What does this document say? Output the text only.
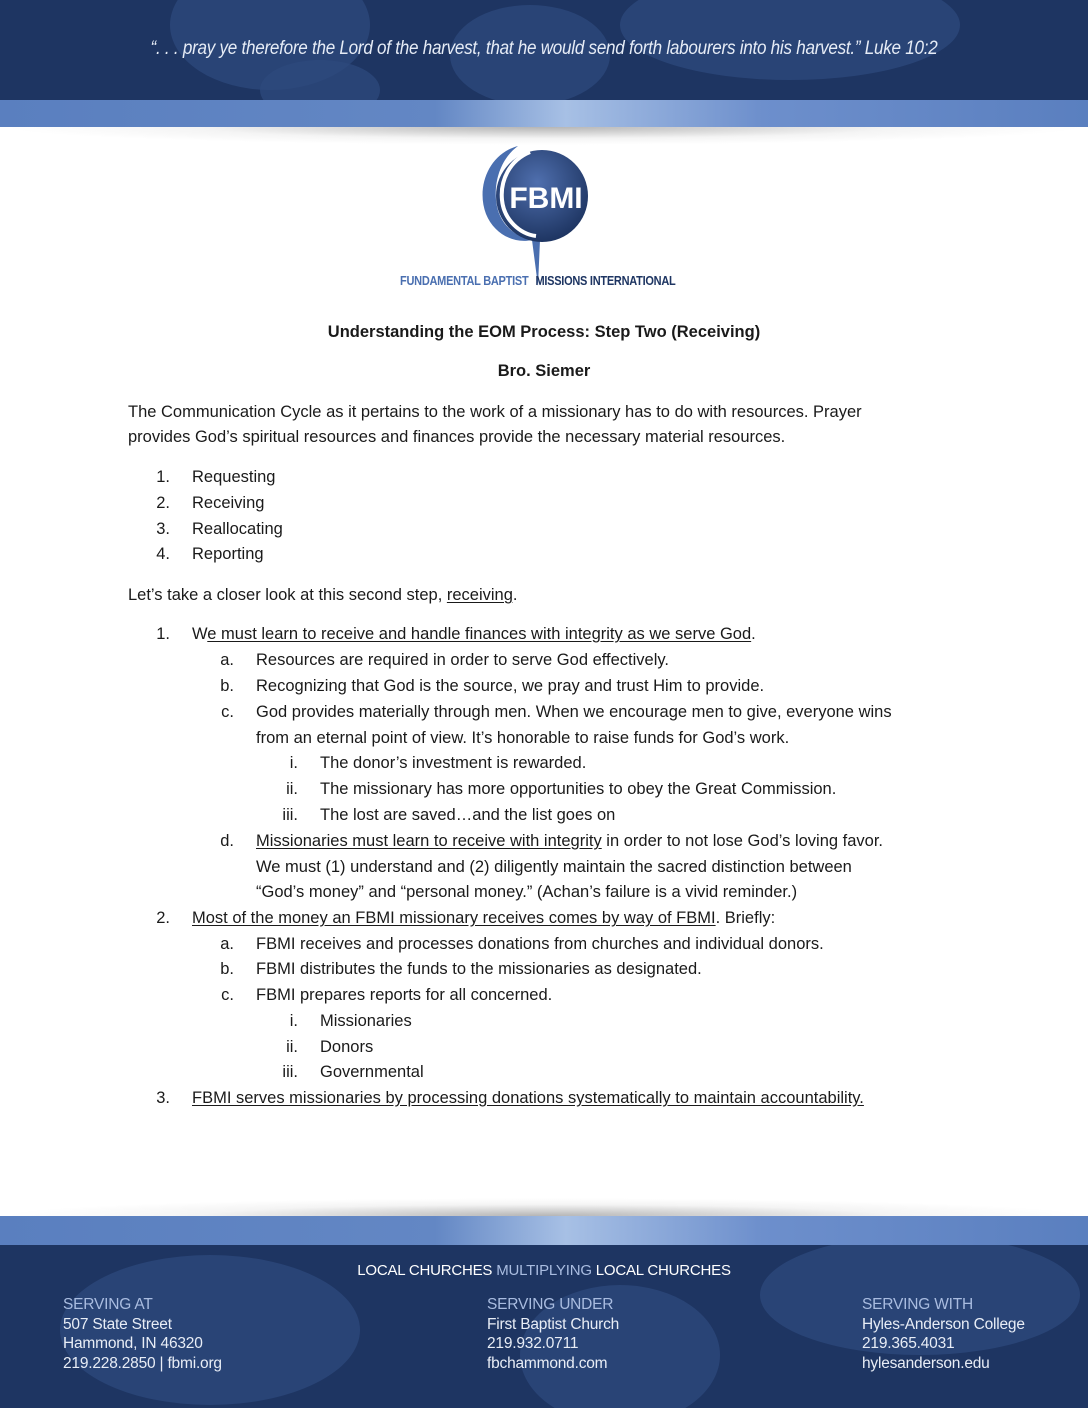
“. . . pray ye therefore the Lord of the harvest, that he would send forth labourers into his harvest.” Luke 10:2
FBMI
FUNDAMENTAL BAPTIST MISSIONS INTERNATIONAL
Understanding the EOM Process: Step Two (Receiving)
Bro. Siemer
The Communication Cycle as it pertains to the work of a missionary has to do with resources. Prayer
provides God’s spiritual resources and finances provide the necessary material resources.
1. Requesting
2. Receiving
3. Reallocating
4. Reporting
Let’s take a closer look at this second step, receiving.
1. We must learn to receive and handle finances with integrity as we serve God.
a. Resources are required in order to serve God effectively.
b. Recognizing that God is the source, we pray and trust Him to provide.
c. God provides materially through men. When we encourage men to give, everyone wins
from an eternal point of view. It’s honorable to raise funds for God’s work.
i. The donor’s investment is rewarded.
ii. The missionary has more opportunities to obey the Great Commission.
iii. The lost are saved…and the list goes on
d. Missionaries must learn to receive with integrity in order to not lose God’s loving favor.
We must (1) understand and (2) diligently maintain the sacred distinction between
“God’s money” and “personal money.” (Achan’s failure is a vivid reminder.)
2. Most of the money an FBMI missionary receives comes by way of FBMI. Briefly:
a. FBMI receives and processes donations from churches and individual donors.
b. FBMI distributes the funds to the missionaries as designated.
c. FBMI prepares reports for all concerned.
i. Missionaries
ii. Donors
iii. Governmental
3. FBMI serves missionaries by processing donations systematically to maintain accountability.
LOCAL CHURCHES MULTIPLYING LOCAL CHURCHES
SERVING AT
507 State Street
Hammond, IN 46320
219.228.2850 | fbmi.org
SERVING UNDER
First Baptist Church
219.932.0711
fbchammond.com
SERVING WITH
Hyles-Anderson College
219.365.4031
hylesanderson.edu
